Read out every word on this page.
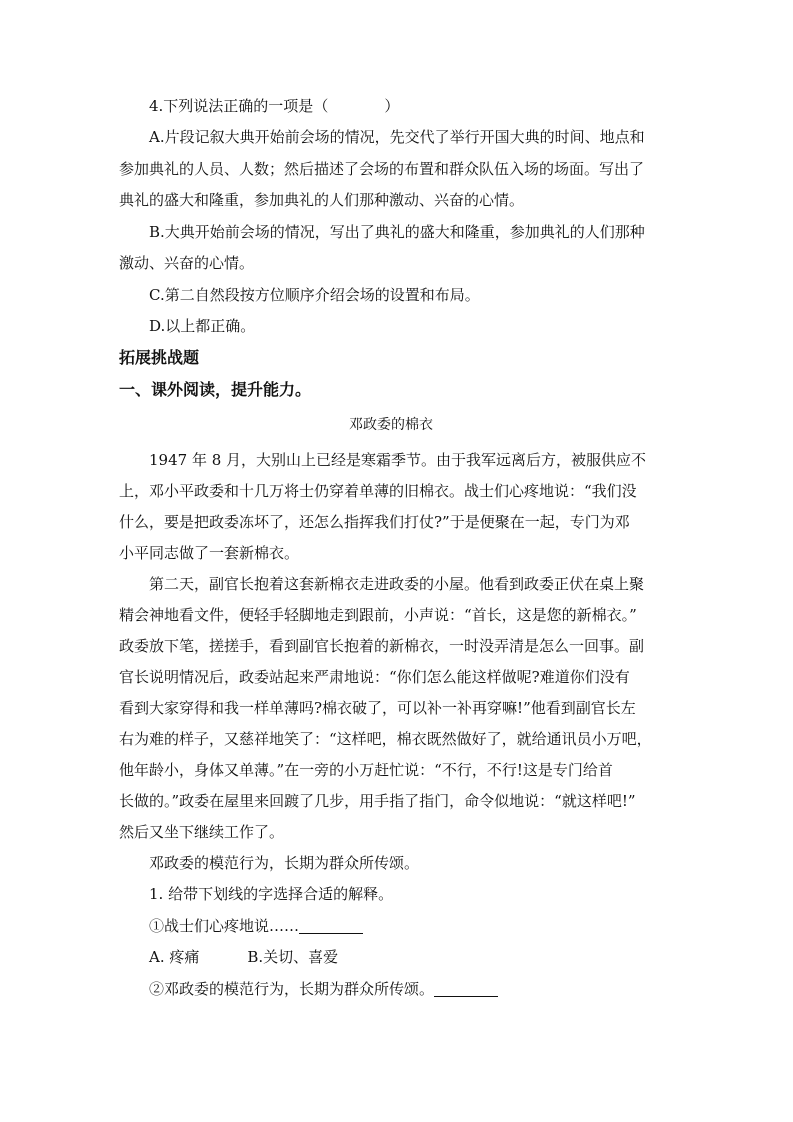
4.下列说法正确的一项是（	）
A.片段记叙大典开始前会场的情况，先交代了举行开国大典的时间、地点和
参加典礼的人员、人数；然后描述了会场的布置和群众队伍入场的场面。写出了
典礼的盛大和隆重，参加典礼的人们那种激动、兴奋的心情。
B.大典开始前会场的情况，写出了典礼的盛大和隆重，参加典礼的人们那种
激动、兴奋的心情。
C.第二自然段按方位顺序介绍会场的设置和布局。
D.以上都正确。
拓展挑战题
一、课外阅读，提升能力。
邓政委的棉衣
1947 年 8 月，大别山上已经是寒霜季节。由于我军远离后方，被服供应不
上，邓小平政委和十几万将士仍穿着单薄的旧棉衣。战士们心疼地说：“我们没
什么，要是把政委冻坏了，还怎么指挥我们打仗?”于是便聚在一起，专门为邓
小平同志做了一套新棉衣。
第二天，副官长抱着这套新棉衣走进政委的小屋。他看到政委正伏在桌上聚
精会神地看文件，便轻手轻脚地走到跟前，小声说：“首长，这是您的新棉衣。”
政委放下笔，搓搓手，看到副官长抱着的新棉衣，一时没弄清是怎么一回事。副
官长说明情况后，政委站起来严肃地说：“你们怎么能这样做呢?难道你们没有
看到大家穿得和我一样单薄吗?棉衣破了，可以补一补再穿嘛!”他看到副官长左
右为难的样子，又慈祥地笑了：“这样吧，棉衣既然做好了，就给通讯员小万吧，
他年龄小，身体又单薄。”在一旁的小万赶忙说：“不行，不行!这是专门给首
长做的。”政委在屋里来回踱了几步，用手指了指门，命令似地说：“就这样吧!”
然后又坐下继续工作了。
邓政委的模范行为，长期为群众所传颂。
1. 给带下划线的字选择合适的解释。
①战士们心疼地说……
A. 疼痛	B.关切、喜爱
②邓政委的模范行为，长期为群众所传颂。
